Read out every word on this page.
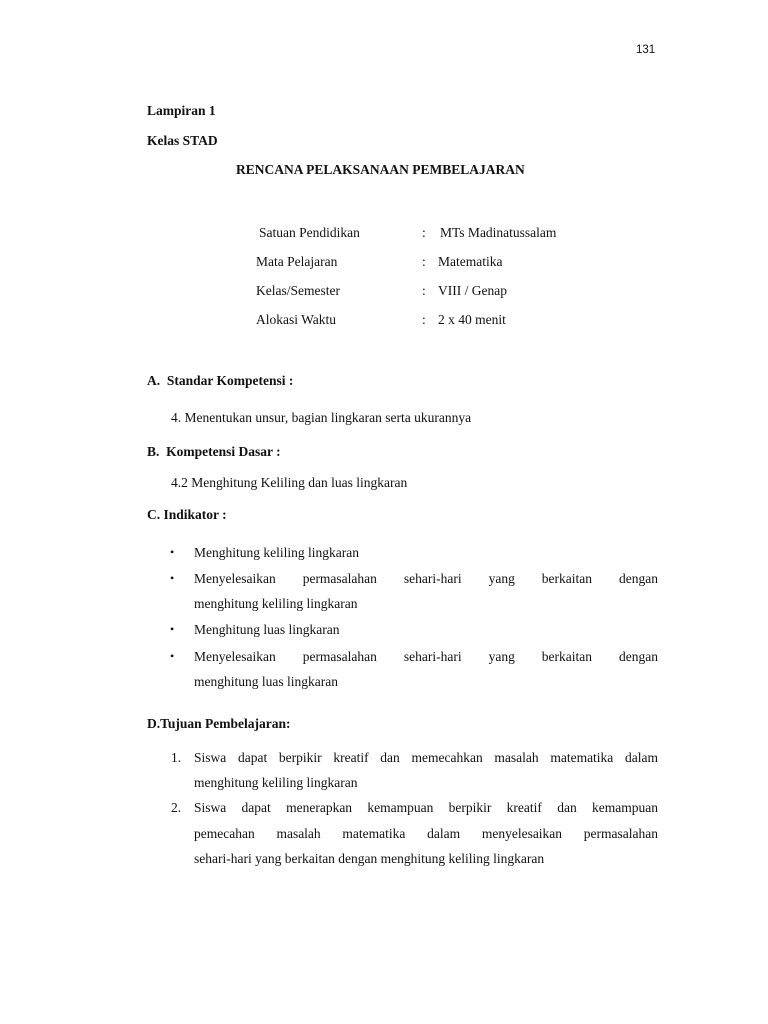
131
Lampiran 1
Kelas STAD
RENCANA PELAKSANAAN PEMBELAJARAN
Satuan Pendidikan	: MTs Madinatussalam
Mata Pelajaran	: Matematika
Kelas/Semester	: VIII / Genap
Alokasi Waktu	: 2 x 40 menit
A.  Standar Kompetensi :
4. Menentukan unsur, bagian lingkaran serta ukurannya
B.  Kompetensi Dasar :
4.2 Menghitung Keliling dan luas lingkaran
C. Indikator :
• Menghitung keliling lingkaran
• Menyelesaikan permasalahan sehari-hari yang berkaitan dengan
menghitung keliling lingkaran
• Menghitung luas lingkaran
• Menyelesaikan permasalahan sehari-hari yang berkaitan dengan
menghitung luas lingkaran
D.Tujuan Pembelajaran:
1. Siswa dapat berpikir kreatif dan memecahkan masalah matematika dalam
menghitung keliling lingkaran
2. Siswa dapat menerapkan kemampuan berpikir kreatif dan kemampuan
pemecahan masalah matematika dalam menyelesaikan permasalahan
sehari-hari yang berkaitan dengan menghitung keliling lingkaran
